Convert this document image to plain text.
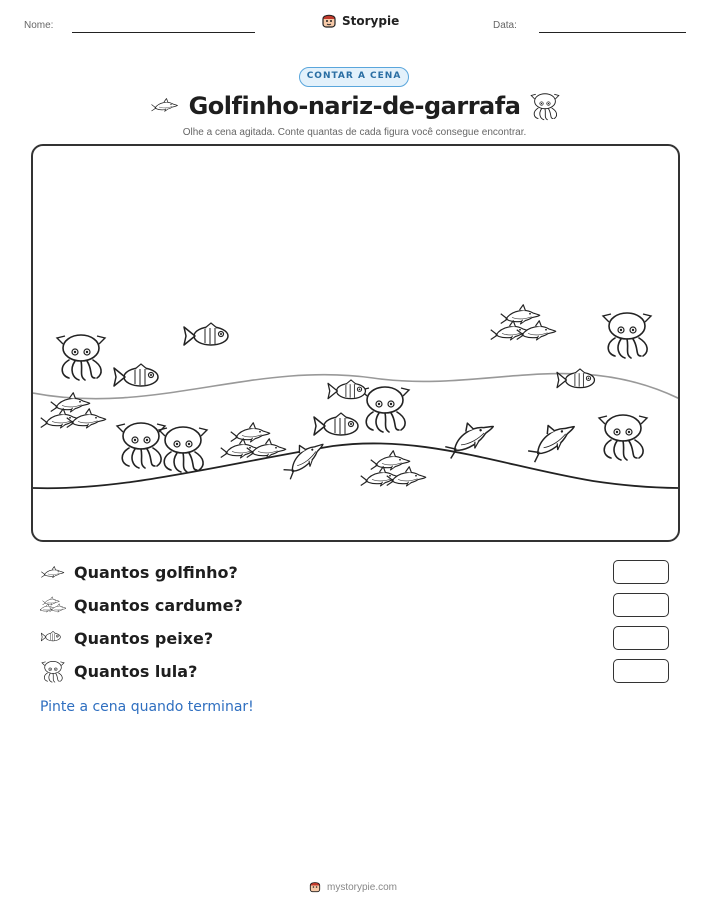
Nome:	Storypie	Data:
CONTAR A CENA
Golfinho-nariz-de-garrafa
Olhe a cena agitada. Conte quantas de cada figura você consegue encontrar.
Quantos golfinho?
Quantos cardume?
Quantos peixe?
Quantos lula?
Pinte a cena quando terminar!
mystorypie.com
